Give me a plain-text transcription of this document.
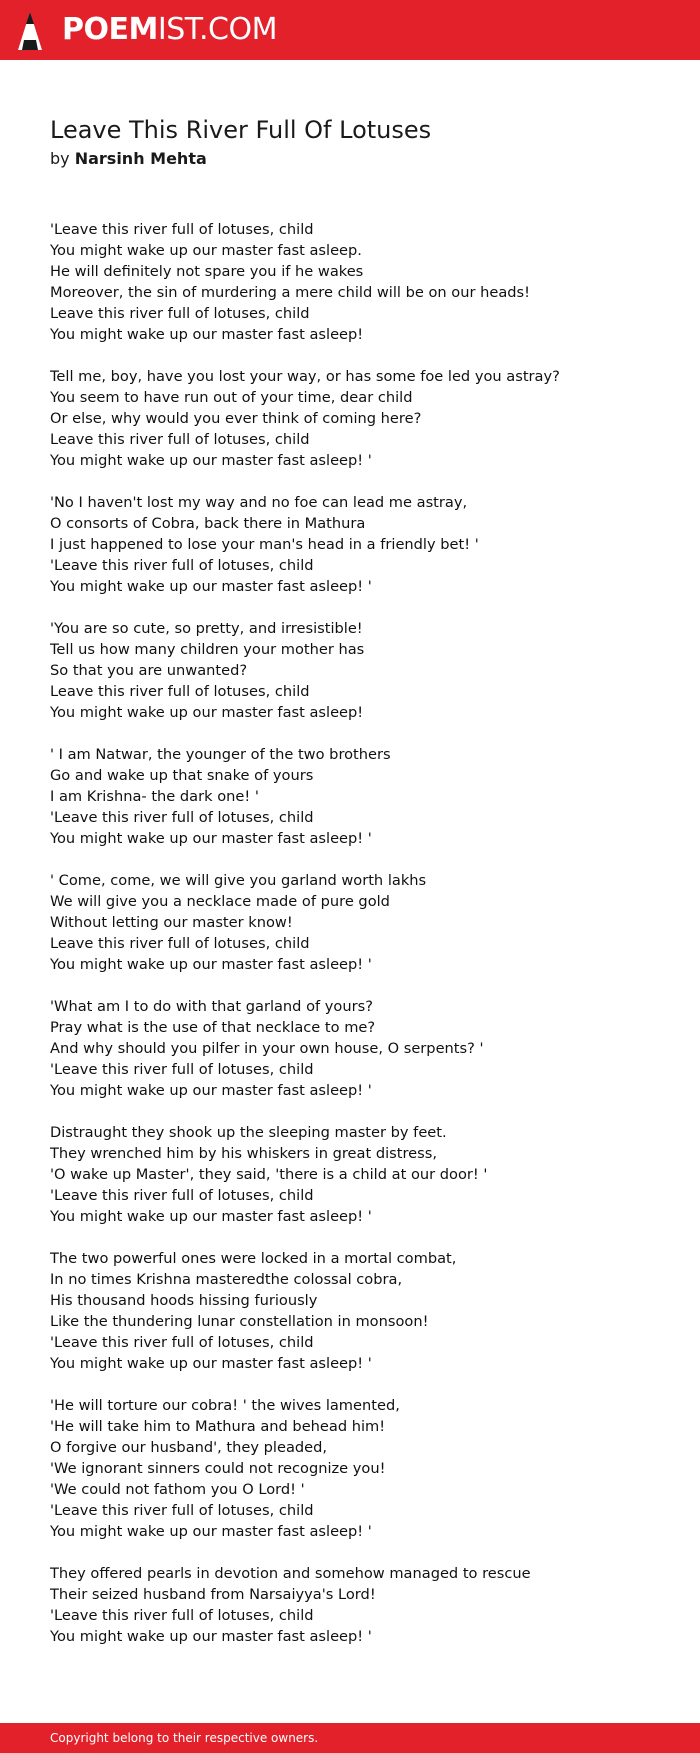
POEMIST.COM
Leave This River Full Of Lotuses
by Narsinh Mehta
'Leave this river full of lotuses, child
You might wake up our master fast asleep.
He will definitely not spare you if he wakes
Moreover, the sin of murdering a mere child will be on our heads!
Leave this river full of lotuses, child
You might wake up our master fast asleep!
Tell me, boy, have you lost your way, or has some foe led you astray?
You seem to have run out of your time, dear child
Or else, why would you ever think of coming here?
Leave this river full of lotuses, child
You might wake up our master fast asleep! '
'No I haven't lost my way and no foe can lead me astray,
O consorts of Cobra, back there in Mathura
I just happened to lose your man's head in a friendly bet! '
'Leave this river full of lotuses, child
You might wake up our master fast asleep! '
'You are so cute, so pretty, and irresistible!
Tell us how many children your mother has
So that you are unwanted?
Leave this river full of lotuses, child
You might wake up our master fast asleep!
' I am Natwar, the younger of the two brothers
Go and wake up that snake of yours
I am Krishna- the dark one! '
'Leave this river full of lotuses, child
You might wake up our master fast asleep! '
' Come, come, we will give you garland worth lakhs
We will give you a necklace made of pure gold
Without letting our master know!
Leave this river full of lotuses, child
You might wake up our master fast asleep! '
'What am I to do with that garland of yours?
Pray what is the use of that necklace to me?
And why should you pilfer in your own house, O serpents? '
'Leave this river full of lotuses, child
You might wake up our master fast asleep! '
Distraught they shook up the sleeping master by feet.
They wrenched him by his whiskers in great distress,
'O wake up Master', they said, 'there is a child at our door! '
'Leave this river full of lotuses, child
You might wake up our master fast asleep! '
The two powerful ones were locked in a mortal combat,
In no times Krishna masteredthe colossal cobra,
His thousand hoods hissing furiously
Like the thundering lunar constellation in monsoon!
'Leave this river full of lotuses, child
You might wake up our master fast asleep! '
'He will torture our cobra! ' the wives lamented,
'He will take him to Mathura and behead him!
O forgive our husband', they pleaded,
'We ignorant sinners could not recognize you!
'We could not fathom you O Lord! '
'Leave this river full of lotuses, child
You might wake up our master fast asleep! '
They offered pearls in devotion and somehow managed to rescue
Their seized husband from Narsaiyya's Lord!
'Leave this river full of lotuses, child
You might wake up our master fast asleep! '
Copyright belong to their respective owners.
